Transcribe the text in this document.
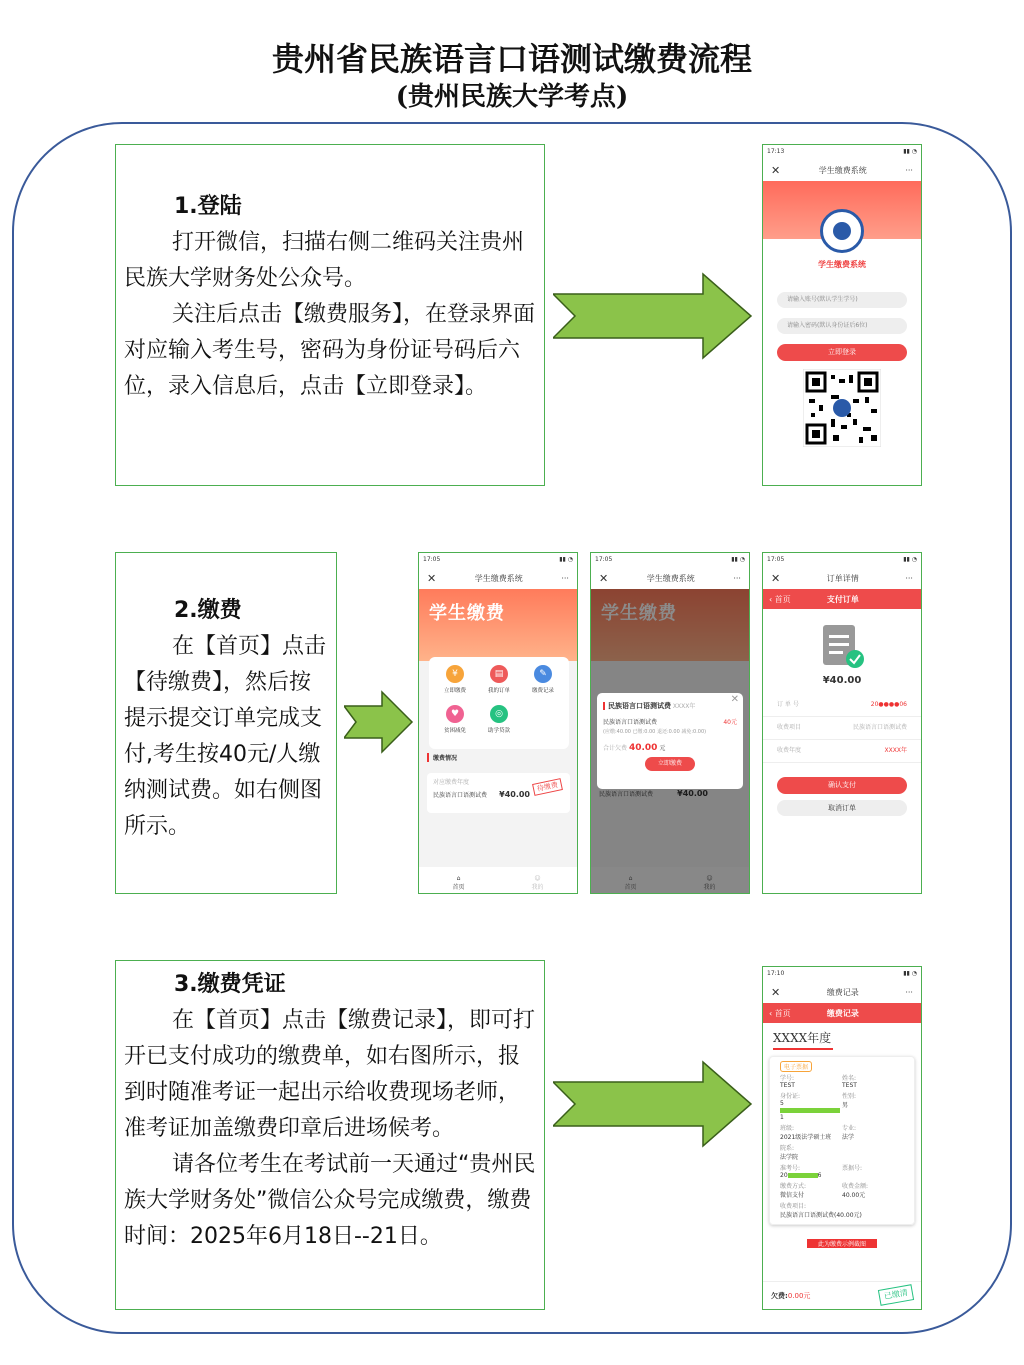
贵州省民族语言口语测试缴费流程
(贵州民族大学考点)
1.登陆

打开微信，扫描右侧二维码关注贵州民族大学财务处公众号。

关注后点击【缴费服务】，在登录界面对应输入考生号，密码为身份证号码后六位，录入信息后，点击【立即登录】。

2.缴费

在【首页】点击【待缴费】，然后按提示提交订单完成支付,考生按40元/人缴纳测试费。如右侧图所示。

3.缴费凭证

在【首页】点击【缴费记录】，即可打开已支付成功的缴费单，如右图所示，报到时随准考证一起出示给收费现场老师，准考证加盖缴费印章后进场候考。

请各位考生在考试前一天通过“贵州民族大学财务处”微信公众号完成缴费，缴费时间：2025年6月18日--21日。

17:13	▮▮ ◔
✕	学生缴费系统	···
学生缴费系统
请输入账号(默认学生学号)
请输入密码(默认身份证后6位)
立即登录
17:05	▮▮ ◔
✕	学生缴费系统	···
学生缴费
¥
立即缴费
▤
我的订单
✎
缴费记录
♥
贫困减免
◎
助学贷款
缴费情况
对应缴费年度
民族语言口语测试费 ¥40.00
待缴费
⌂
首页
☺
我的
17:05	▮▮ ◔
✕	学生缴费系统	···
学生缴费
民族语言口语测试费	¥40.00
✕
民族语言口语测试费 XXXX年
民族语言口语测试费	40元
(应缴:40.00 已缴:0.00 退还:0.00 减免:0.00)
合计欠费 40.00 元
立即缴费
⌂
首页
☺
我的
17:05	▮▮ ◔
✕	订单详情	···
‹ 首页	支付订单
¥40.00
订 单 号	20●●●●06
收费项目	民族语言口语测试费
收费年度	XXXX年
确认支付
取消订单
17:10	▮▮ ◔
✕	缴费记录	···
‹ 首页	缴费记录
XXXX年度
电子票据
学号:
TEST
姓名:
TEST
身份证:
51
性别:
男
班级:
2021级法学硕士班
专业:
法学
院系:
法学院
准考号:
20	6
票据号:
缴费方式:
微信支付
收费金额:
40.00元
收费项目:
民族语言口语测试费(40.00元)
此为缴费示例截图
欠费:0.00元	已缴清
